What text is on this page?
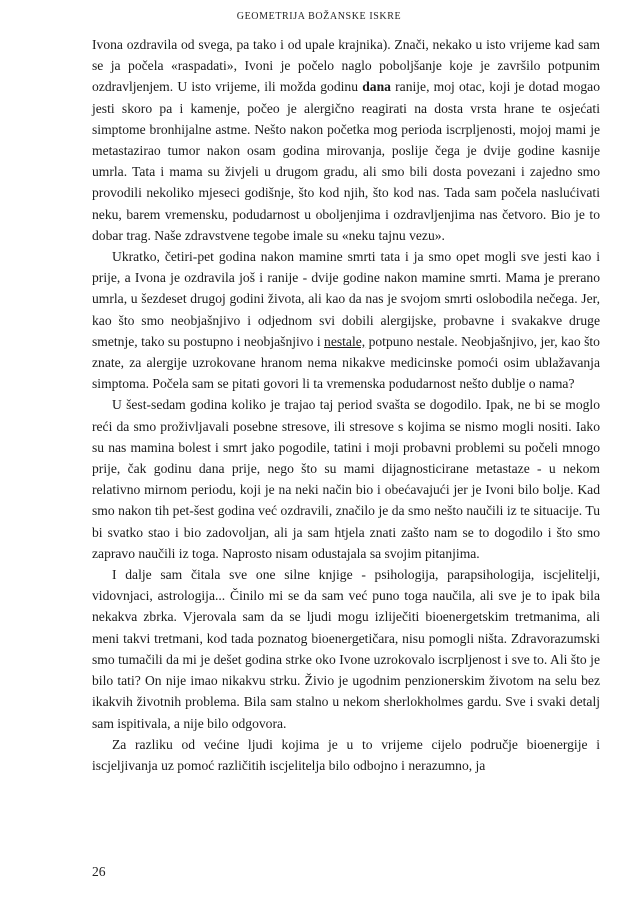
GEOMETRIJA BOŽANSKE ISKRE

Ivona ozdravila od svega, pa tako i od upale krajnika). Znači, nekako u isto vrijeme kad sam se ja počela «raspadati», Ivoni je počelo naglo poboljšanje koje je završilo potpunim ozdravljenjem. U isto vrijeme, ili možda godinu dana ranije, moj otac, koji je dotad mogao jesti skoro pa i kamenje, počeo je alergično reagirati na dosta vrsta hrane te osjećati simptome bronhijalne astme. Nešto nakon početka mog perioda iscrpljenosti, mojoj mami je metastazirao tumor nakon osam godina mirovanja, poslije čega je dvije godine kasnije umrla. Tata i mama su živjeli u drugom gradu, ali smo bili dosta povezani i zajedno smo provodili nekoliko mjeseci godišnje, što kod njih, što kod nas. Tada sam počela naslućivati neku, barem vremensku, podudarnost u oboljenjima i ozdravljenjima nas četvoro. Bio je to dobar trag. Naše zdravstvene tegobe imale su «neku tajnu vezu».

Ukratko, četiri-pet godina nakon mamine smrti tata i ja smo opet mogli sve jesti kao i prije, a Ivona je ozdravila još i ranije - dvije godine nakon mamine smrti. Mama je prerano umrla, u šezdeset drugoj godini života, ali kao da nas je svojom smrti oslobodila nečega. Jer, kao što smo neobjašnjivo i odjednom svi dobili alergijske, probavne i svakakve druge smetnje, tako su postupno i neobjašnjivo i nestale, potpuno nestale. Neobjašnjivo, jer, kao što znate, za alergije uzrokovane hranom nema nikakve medicinske pomoći osim ublažavanja simptoma. Počela sam se pitati govori li ta vremenska podudarnost nešto dublje o nama?

U šest-sedam godina koliko je trajao taj period svašta se dogodilo. Ipak, ne bi se moglo reći da smo proživljavali posebne stresove, ili stresove s kojima se nismo mogli nositi. Iako su nas mamina bolest i smrt jako pogodile, tatini i moji probavni problemi su počeli mnogo prije, čak godinu dana prije, nego što su mami dijagnosticirane metastaze - u nekom relativno mirnom periodu, koji je na neki način bio i obećavajući jer je Ivoni bilo bolje. Kad smo nakon tih pet-šest godina već ozdravili, značilo je da smo nešto naučili iz te situacije. Tu bi svatko stao i bio zadovoljan, ali ja sam htjela znati zašto nam se to dogodilo i što smo zapravo naučili iz toga. Naprosto nisam odustajala sa svojim pitanjima.

I dalje sam čitala sve one silne knjige - psihologija, parapsihologija, iscjelitelji, vidovnjaci, astrologija... Činilo mi se da sam već puno toga naučila, ali sve je to ipak bila nekakva zbrka. Vjerovala sam da se ljudi mogu izliječiti bioenergetskim tretmanima, ali meni takvi tretmani, kod tada poznatog bioenergetičara, nisu pomogli ništa. Zdravorazumski smo tumačili da mi je dešet godina strke oko Ivone uzrokovalo iscrpljenost i sve to. Ali što je bilo tati? On nije imao nikakvu strku. Živio je ugodnim penzionerskim životom na selu bez ikakvih životnih problema. Bila sam stalno u nekom sherlokholmes gardu. Sve i svaki detalj sam ispitivala, a nije bilo odgovora.

Za razliku od većine ljudi kojima je u to vrijeme cijelo područje bioenergije i iscjeljivanja uz pomoć različitih iscjelitelja bilo odbojno i nerazumno, ja

26
